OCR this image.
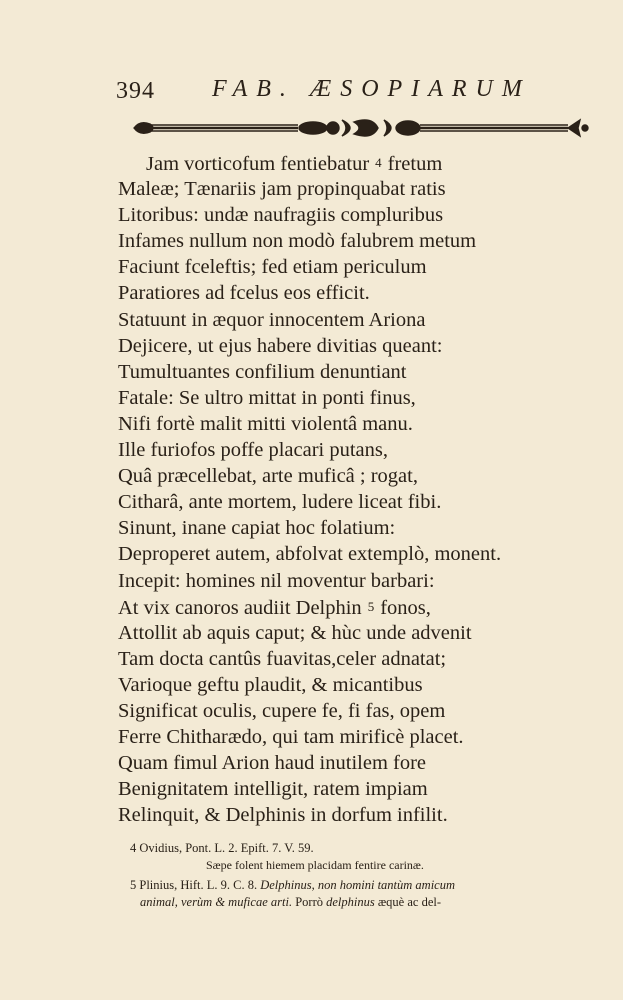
394 FAB. ÆSOPIARUM
Jam vorticofum fentiebatur 4 fretum
Maleæ; Tænariis jam propinquabat ratis
Litoribus: undæ naufragiis compluribus
Infames nullum non modò falubrem metum
Faciunt fceleftis; fed etiam periculum
Paratiores ad fcelus eos efficit.
Statuunt in æquor innocentem Ariona
Dejicere, ut ejus habere divitias queant:
Tumultuantes confilium denuntiant
Fatale: Se ultro mittat in ponti finus,
Nifi fortè malit mitti violentâ manu.
Ille furiofos poffe placari putans,
Quâ præcellebat, arte muficâ ; rogat,
Citharâ, ante mortem, ludere liceat fibi.
Sinunt, inane capiat hoc folatium:
Deproperet autem, abfolvat extemplò, monent.
Incepit: homines nil moventur barbari:
At vix canoros audiit Delphin 5 fonos,
Attollit ab aquis caput; & hùc unde advenit
Tam docta cantûs fuavitas,celer adnatat;
Varioque geftu plaudit, & micantibus
Significat oculis, cupere fe, fi fas, opem
Ferre Chitharædo, qui tam mirificè placet.
Quam fimul Arion haud inutilem fore
Benignitatem intelligit, ratem impiam
Relinquit, & Delphinis in dorfum infilit.
4 Ovidius, Pont. L. 2. Epift. 7. V. 59.
Sæpe folent hiemem placidam fentire carinæ.
5 Plinius, Hift. L. 9. C. 8. Delphinus, non homini tantùm amicum
animal, verùm & muficae arti. Porrò delphinus æquè ac del-
